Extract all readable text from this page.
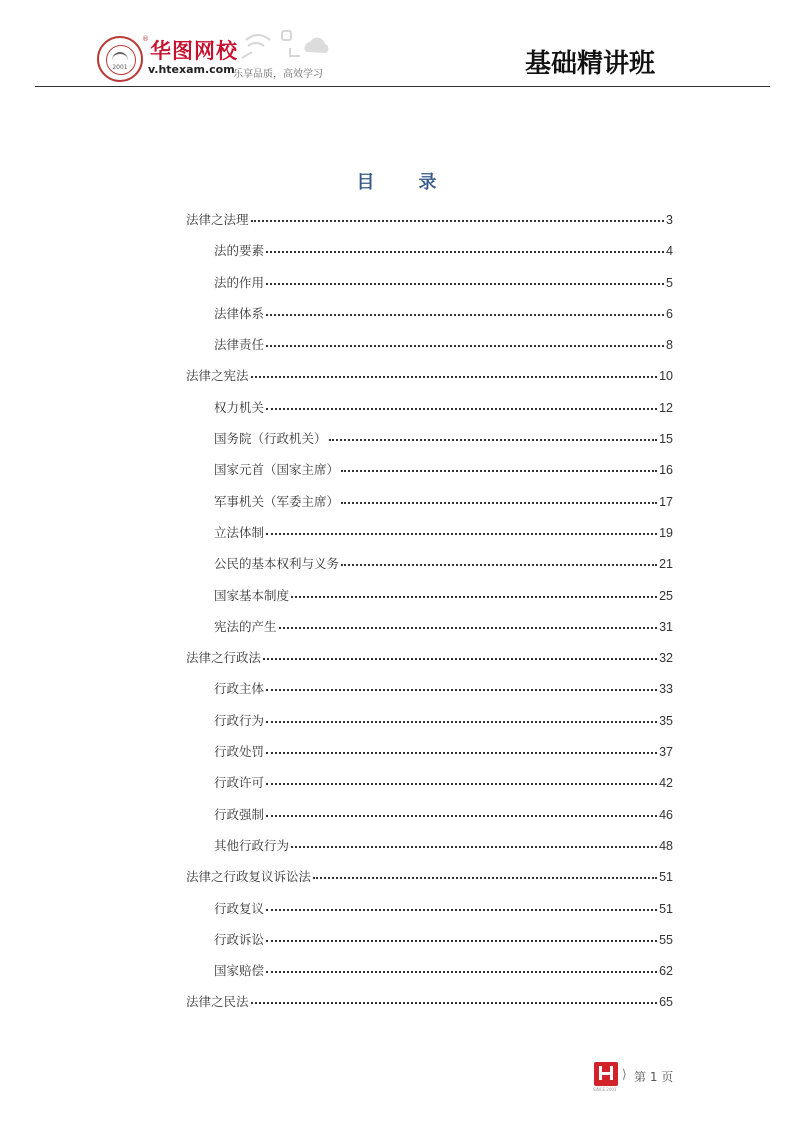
2001
® 华图网校
v.htexam.com
乐享品质，高效学习	基础精讲班
目 录
法律之法理	3
法的要素	4
法的作用	5
法律体系	6
法律责任	8
法律之宪法	10
权力机关	12
国务院（行政机关）	15
国家元首（国家主席）	16
军事机关（军委主席）	17
立法体制	19
公民的基本权利与义务	21
国家基本制度	25
宪法的产生	31
法律之行政法	32
行政主体	33
行政行为	35
行政处罚	37
行政许可	42
行政强制	46
其他行政行为	48
法律之行政复议诉讼法	51
行政复议	51
行政诉讼	55
国家赔偿	62
法律之民法	65
SINCE 2001
⟩ 第 1 页
